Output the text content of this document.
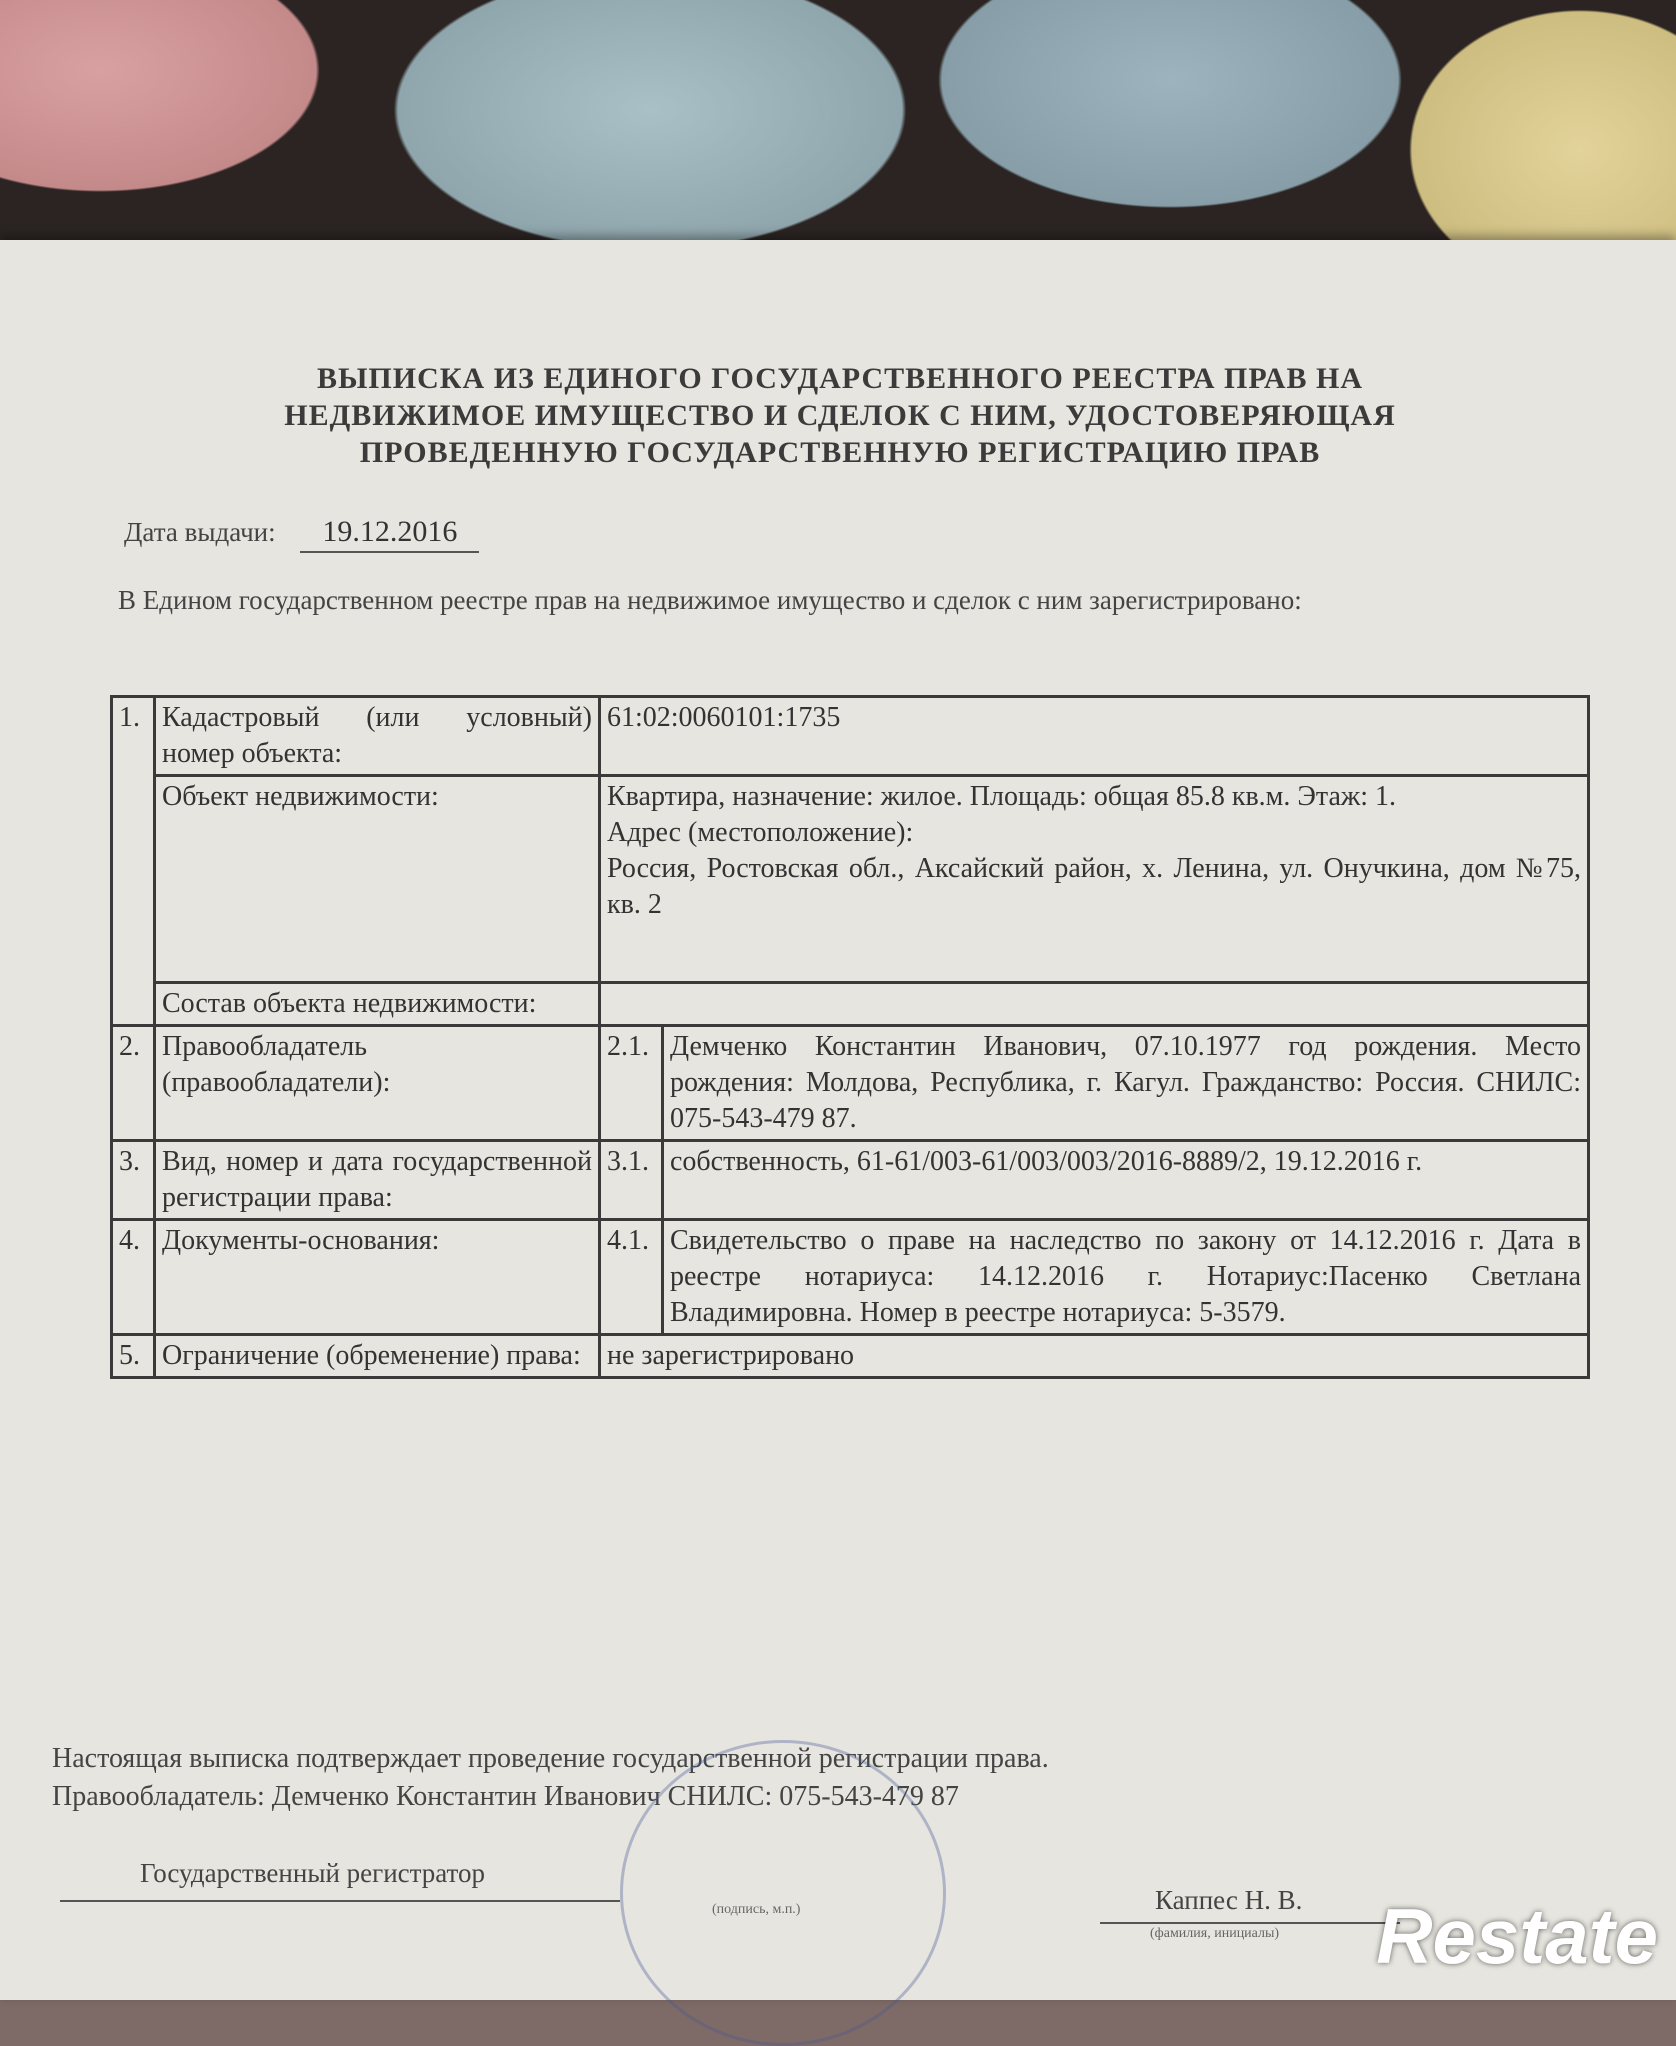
ВЫПИСКА ИЗ ЕДИНОГО ГОСУДАРСТВЕННОГО РЕЕСТРА ПРАВ НА
НЕДВИЖИМОЕ ИМУЩЕСТВО И СДЕЛОК С НИМ, УДОСТОВЕРЯЮЩАЯ
ПРОВЕДЕННУЮ ГОСУДАРСТВЕННУЮ РЕГИСТРАЦИЮ ПРАВ
Дата выдачи: 19.12.2016
В Едином государственном реестре прав на недвижимое имущество и сделок с ним зарегистрировано:
1.	Кадастровый (или условный) номер объекта:	61:02:0060101:1735	
	Объект недвижимости:	Квартира, назначение: жилое. Площадь: общая 85.8 кв.м. Этаж: 1.
Адрес (местоположение):
Россия, Ростовская обл., Аксайский район, х. Ленина, ул. Онучкина, дом №75, кв. 2	

	Состав объекта недвижимости:		
2.	Правообладатель (правообладатели):	2.1.	Демченко Константин Иванович, 07.10.1977 год рождения. Место рождения: Молдова, Республика, г. Кагул. Гражданство: Россия. СНИЛС: 075-543-479 87.
3.	Вид, номер и дата государственной регистрации права:	3.1.	собственность, 61-61/003-61/003/003/2016-8889/2, 19.12.2016 г.
4.	Документы-основания:	4.1.	Свидетельство о праве на наследство по закону от 14.12.2016 г. Дата в реестре нотариуса: 14.12.2016 г. Нотариус:Пасенко Светлана Владимировна. Номер в реестре нотариуса: 5-3579.
5.	Ограничение (обременение) права:	не зарегистрировано	
Настоящая выписка подтверждает проведение государственной регистрации права.
Правообладатель: Демченко Константин Иванович СНИЛС: 075-543-479 87
Государственный регистратор
(подпись, м.п.)	Каппес Н. В.
(фамилия, инициалы) Restate
